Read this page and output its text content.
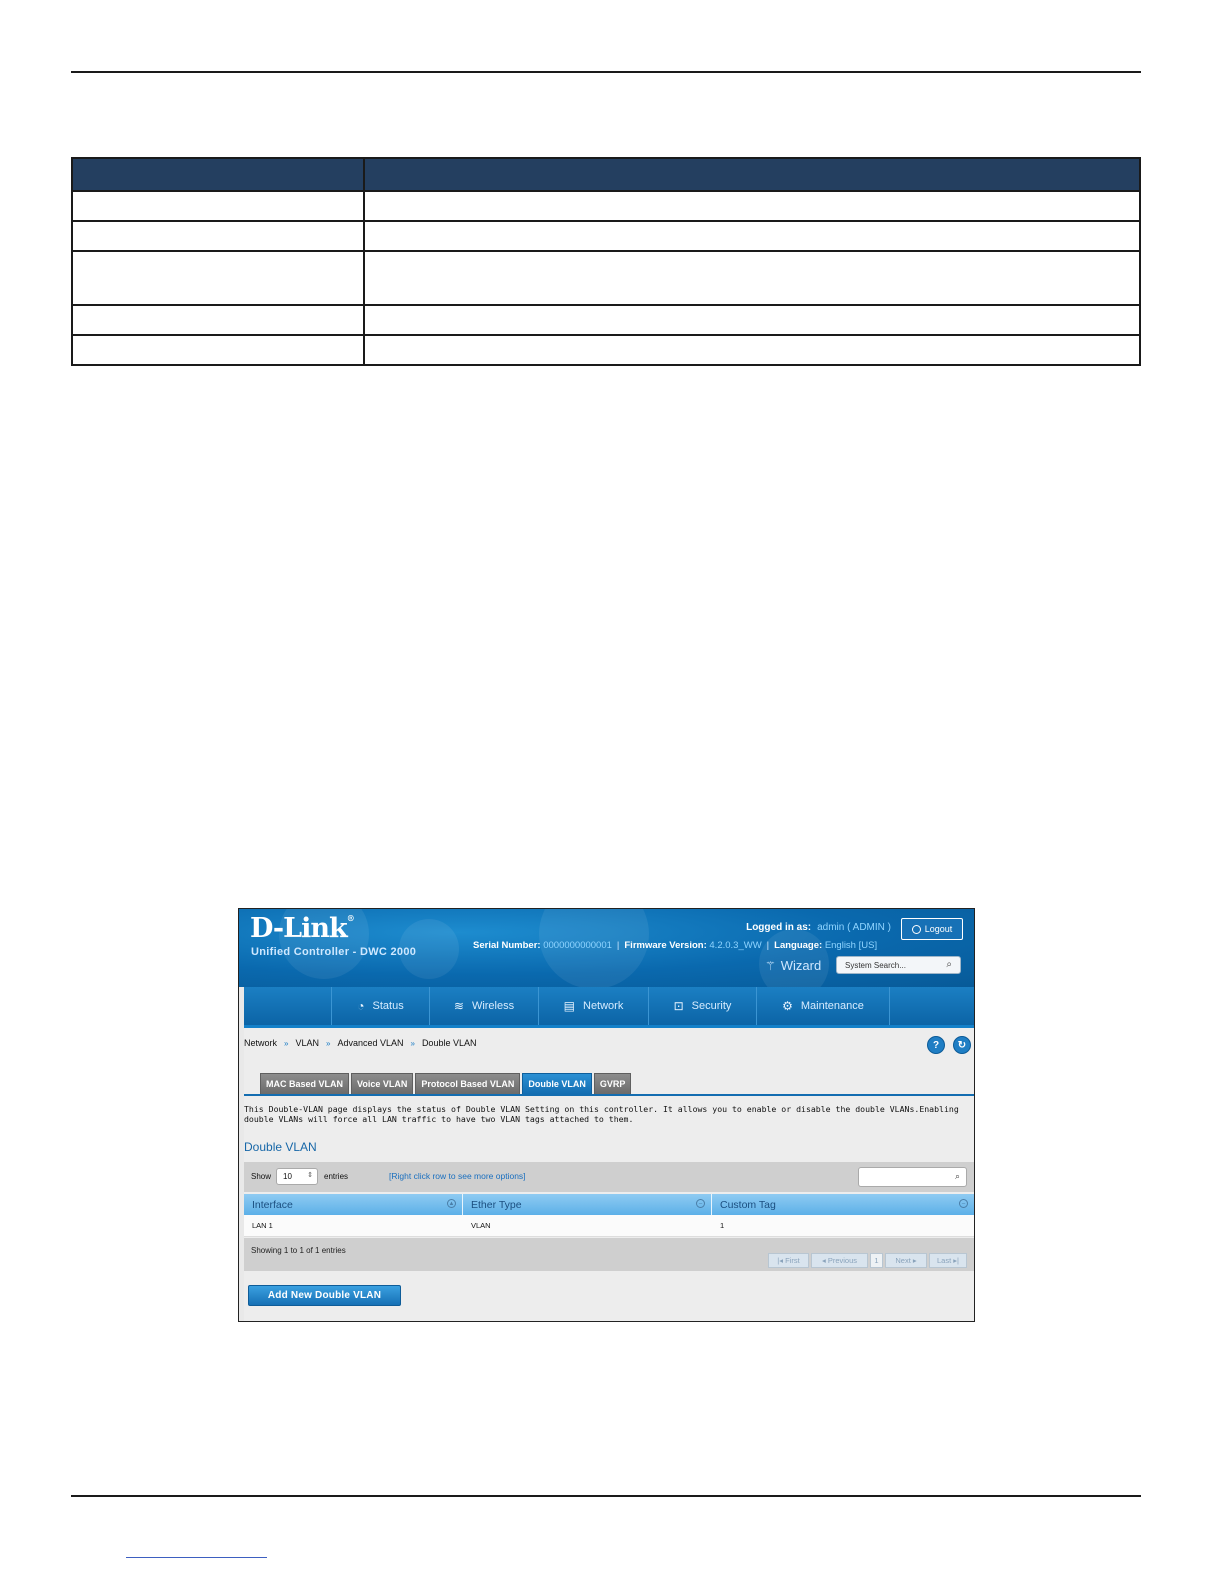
D-Link®
Unified Controller - DWC 2000
Logged in as: admin ( ADMIN )	Logout
Serial Number: 0000000000001 | Firmware Version: 4.2.0.3_WW | Language: English [US]
⚚ Wizard	System Search...	⌕
◔ Status	≋ Wireless	▤ Network	⊡ Security	⚙ Maintenance
Network » VLAN » Advanced VLAN » Double VLAN	?	↻
MAC Based VLAN	Voice VLAN	Protocol Based VLAN	Double VLAN	GVRP
This Double-VLAN page displays the status of Double VLAN Setting on this controller. It allows you to enable or disable the double VLANs.Enabling double VLANs will force all LAN traffic to have two VLAN tags attached to them.
Double VLAN
Show	10 ⇕ entries	[Right click row to see more options]	⌕
Interface	▲ Ether Type	– Custom Tag	–
LAN 1	VLAN	1
Showing 1 to 1 of 1 entries
|◂ First	◂ Previous	1	Next ▸	Last ▸|
Add New Double VLAN
